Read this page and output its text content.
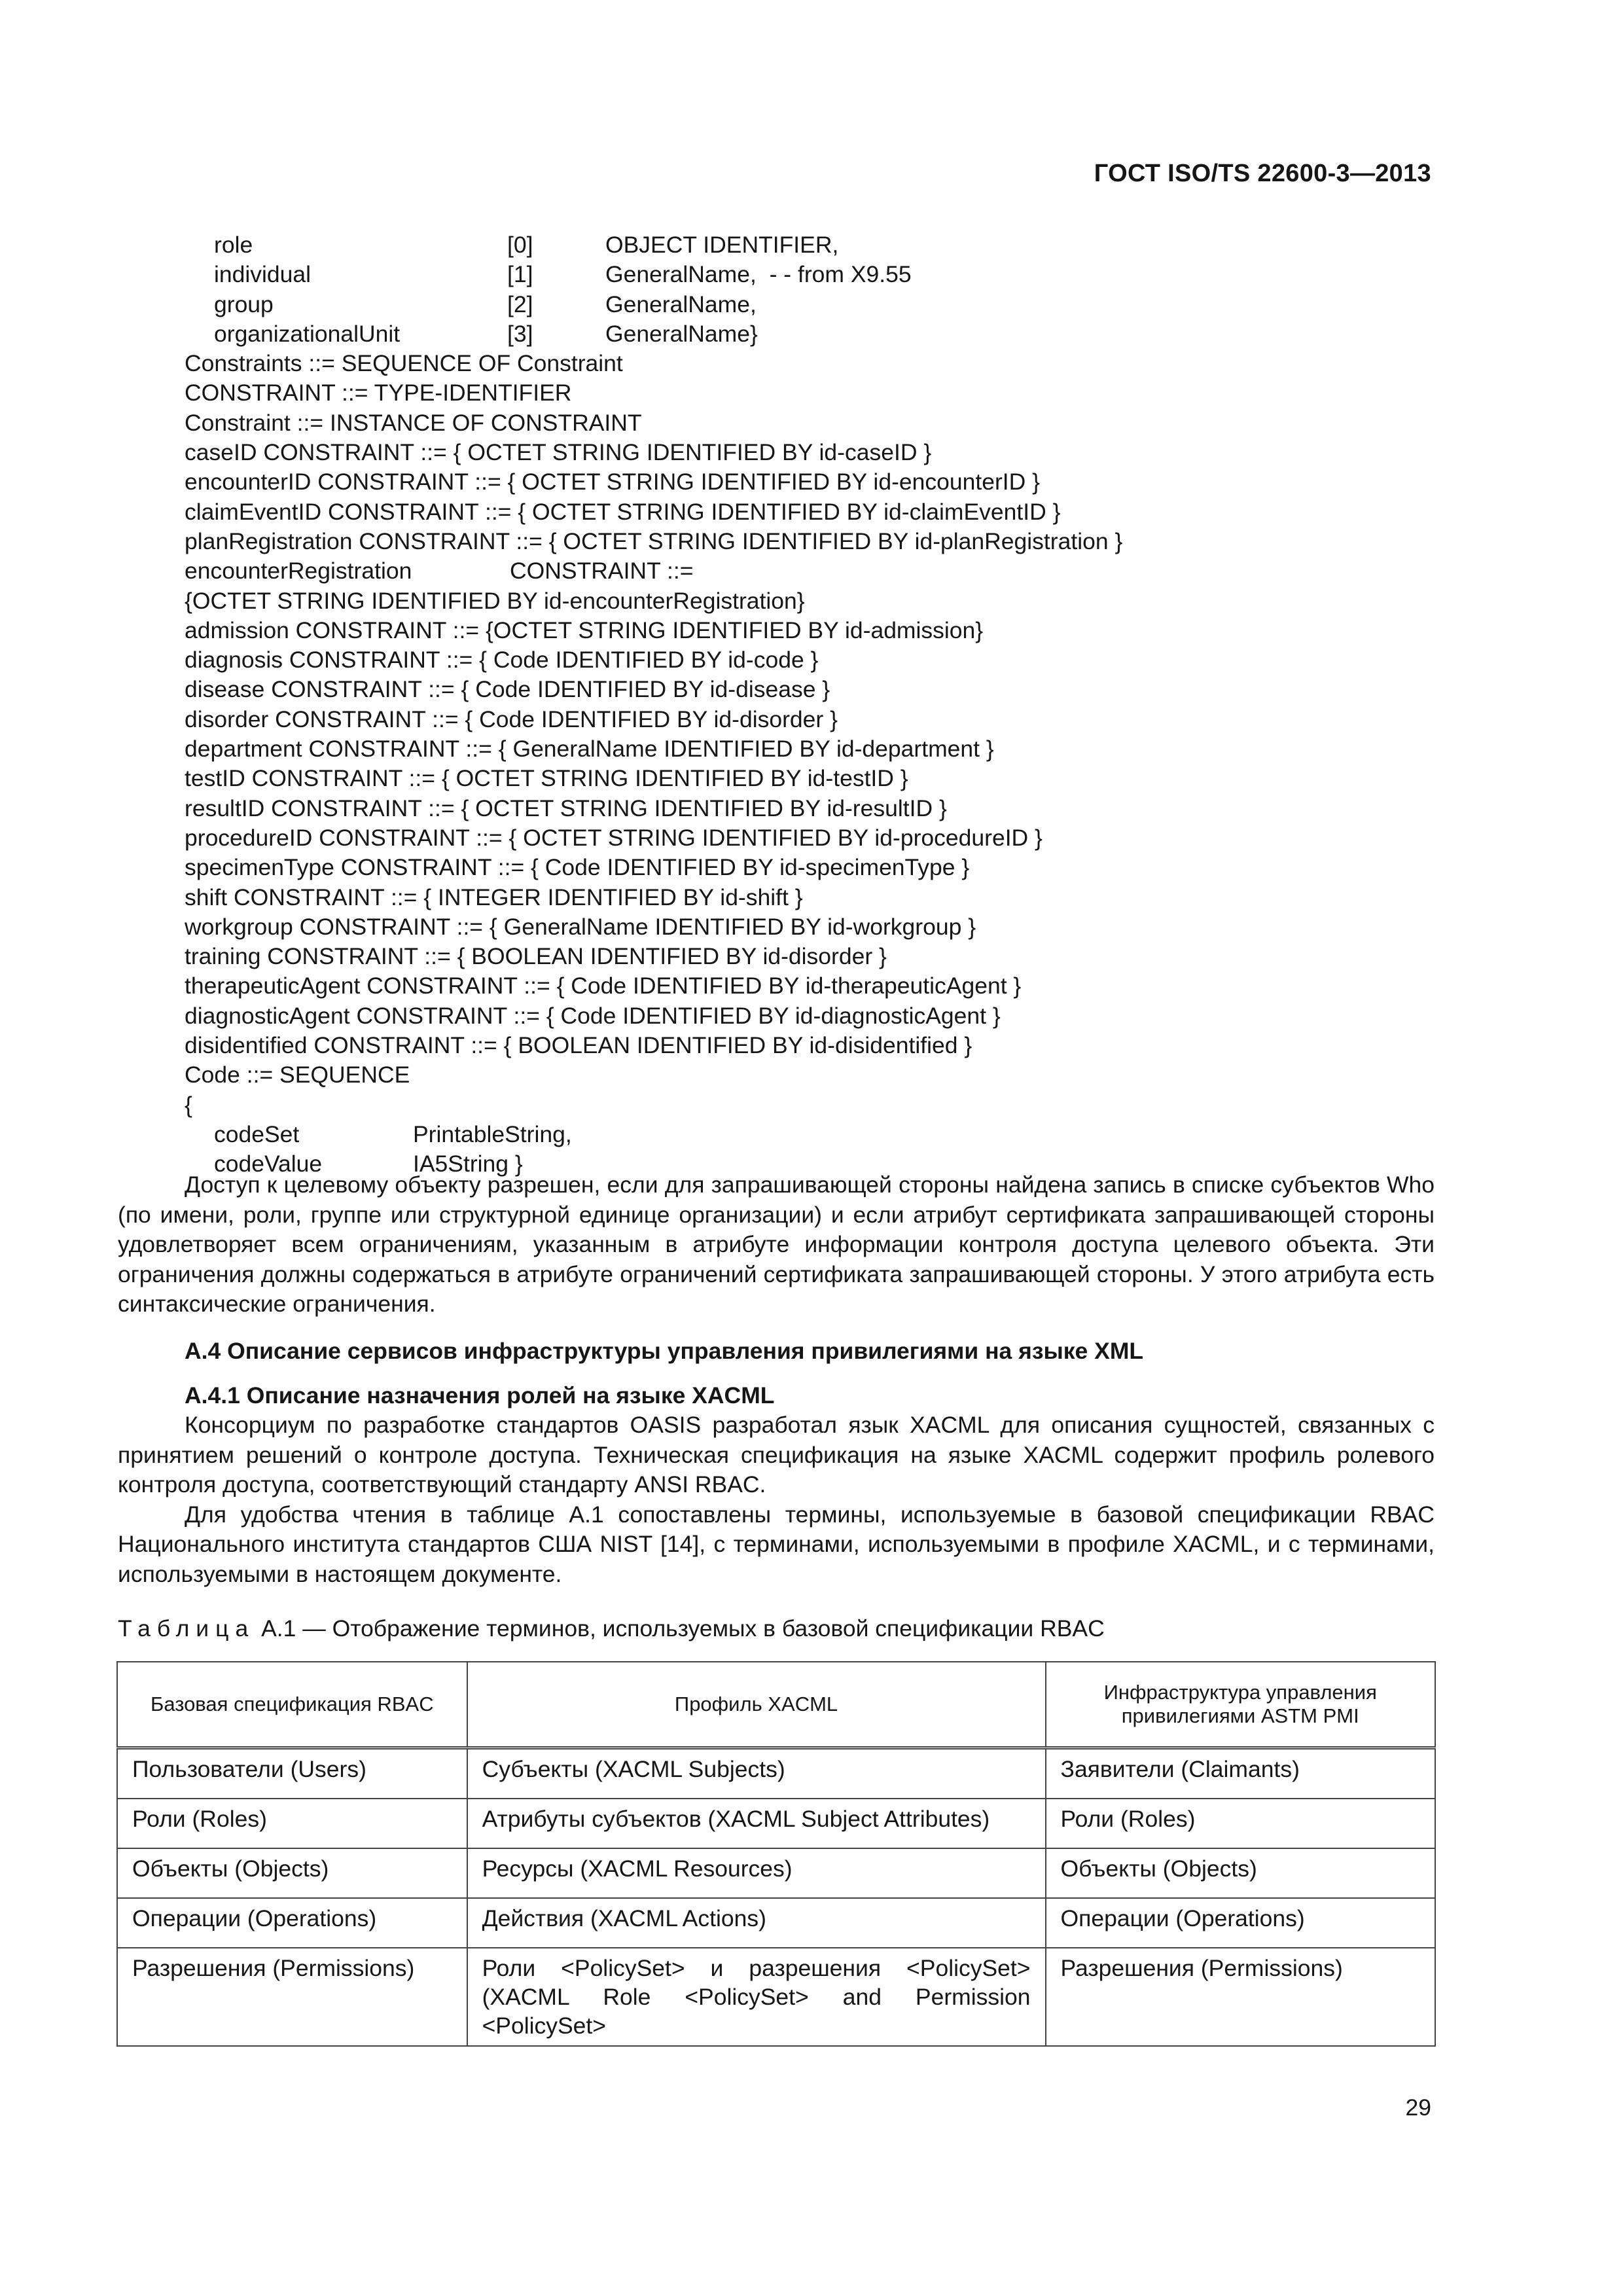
ГОСТ ISO/TS 22600-3—2013
role	[0]	OBJECT IDENTIFIER,
individual	[1]	GeneralName,  - - from X9.55
group	[2]	GeneralName,
organizationalUnit	[3]	GeneralName}
Constraints ::= SEQUENCE OF Constraint
CONSTRAINT ::= TYPE-IDENTIFIER
Constraint ::= INSTANCE OF CONSTRAINT
caseID CONSTRAINT ::= { OCTET STRING IDENTIFIED BY id-caseID }
encounterID CONSTRAINT ::= { OCTET STRING IDENTIFIED BY id-encounterID }
claimEventID CONSTRAINT ::= { OCTET STRING IDENTIFIED BY id-claimEventID }
planRegistration CONSTRAINT ::= { OCTET STRING IDENTIFIED BY id-planRegistration }
encounterRegistration	CONSTRAINT ::=
{OCTET STRING IDENTIFIED BY id-encounterRegistration}
admission CONSTRAINT ::= {OCTET STRING IDENTIFIED BY id-admission}
diagnosis CONSTRAINT ::= { Code IDENTIFIED BY id-code }
disease CONSTRAINT ::= { Code IDENTIFIED BY id-disease }
disorder CONSTRAINT ::= { Code IDENTIFIED BY id-disorder }
department CONSTRAINT ::= { GeneralName IDENTIFIED BY id-department }
testID CONSTRAINT ::= { OCTET STRING IDENTIFIED BY id-testID }
resultID CONSTRAINT ::= { OCTET STRING IDENTIFIED BY id-resultID }
procedureID CONSTRAINT ::= { OCTET STRING IDENTIFIED BY id-procedureID }
specimenType CONSTRAINT ::= { Code IDENTIFIED BY id-specimenType }
shift CONSTRAINT ::= { INTEGER IDENTIFIED BY id-shift }
workgroup CONSTRAINT ::= { GeneralName IDENTIFIED BY id-workgroup }
training CONSTRAINT ::= { BOOLEAN IDENTIFIED BY id-disorder }
therapeuticAgent CONSTRAINT ::= { Code IDENTIFIED BY id-therapeuticAgent }
diagnosticAgent CONSTRAINT ::= { Code IDENTIFIED BY id-diagnosticAgent }
disidentified CONSTRAINT ::= { BOOLEAN IDENTIFIED BY id-disidentified }
Code ::= SEQUENCE
{
codeSet	PrintableString,
codeValue	IA5String }

Доступ к целевому объекту разрешен, если для запрашивающей стороны найдена запись в списке субъектов Who (по имени, роли, группе или структурной единице организации) и если атрибут сертификата запрашивающей стороны удовлетворяет всем ограничениям, указанным в атрибуте информации контроля доступа целевого объекта. Эти ограничения должны содержаться в атрибуте ограничений сертификата запрашивающей стороны. У этого атрибута есть синтаксические ограничения.

А.4 Описание сервисов инфраструктуры управления привилегиями на языке XML
А.4.1 Описание назначения ролей на языке XACML

Консорциум по разработке стандартов OASIS разработал язык XACML для описания сущностей, связанных с принятием решений о контроле доступа. Техническая спецификация на языке XACML содержит профиль ролевого контроля доступа, соответствующий стандарту ANSI RBAC.

Для удобства чтения в таблице А.1 сопоставлены термины, используемые в базовой спецификации RBAC Национального института стандартов США NIST [14], с терминами, используемыми в профиле XACML, и с терминами, используемыми в настоящем документе.

Таблица А.1 — Отображение терминов, используемых в базовой спецификации RBAC
Базовая спецификация RBAC	Профиль XACML	Инфраструктура управления привилегиями ASTM PMI
Пользователи (Users)	Субъекты (XACML Subjects)	Заявители (Claimants)
Роли (Roles)	Атрибуты субъектов (XACML Subject Attributes)	Роли (Roles)
Объекты (Objects)	Ресурсы (XACML Resources)	Объекты (Objects)
Операции (Operations)	Действия (XACML Actions)	Операции (Operations)
Разрешения (Permissions)	Роли <PolicySet> и разрешения <PolicySet> (XACML Role <PolicySet> and Permission <PolicySet>	Разрешения (Permissions)
29
